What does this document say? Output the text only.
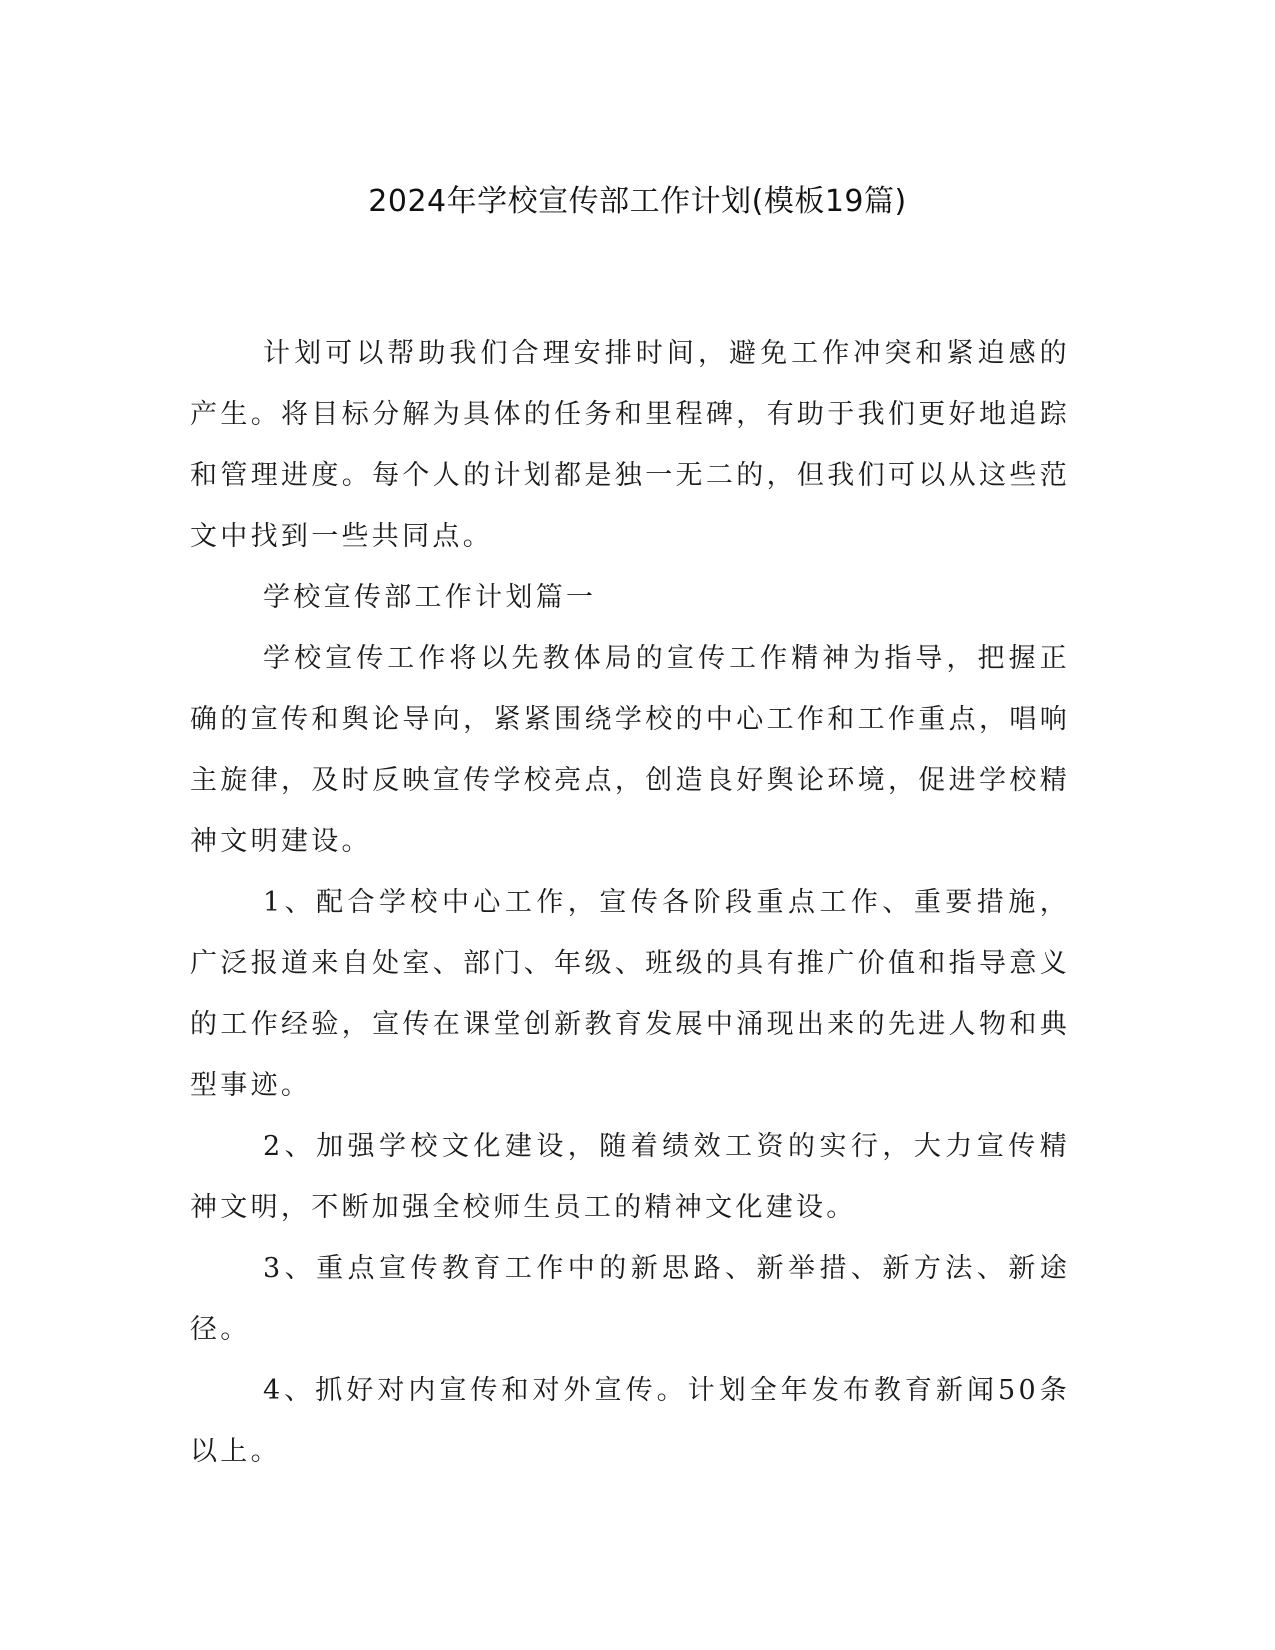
2024年学校宣传部工作计划(模板19篇)

计划可以帮助我们合理安排时间，避免工作冲突和紧迫感的产生。将目标分解为具体的任务和里程碑，有助于我们更好地追踪和管理进度。每个人的计划都是独一无二的，但我们可以从这些范文中找到一些共同点。

学校宣传部工作计划篇一

学校宣传工作将以先教体局的宣传工作精神为指导，把握正确的宣传和舆论导向，紧紧围绕学校的中心工作和工作重点，唱响主旋律，及时反映宣传学校亮点，创造良好舆论环境，促进学校精神文明建设。

1、配合学校中心工作，宣传各阶段重点工作、重要措施，广泛报道来自处室、部门、年级、班级的具有推广价值和指导意义的工作经验，宣传在课堂创新教育发展中涌现出来的先进人物和典型事迹。

2、加强学校文化建设，随着绩效工资的实行，大力宣传精神文明，不断加强全校师生员工的精神文化建设。

3、重点宣传教育工作中的新思路、新举措、新方法、新途径。

4、抓好对内宣传和对外宣传。计划全年发布教育新闻50条以上。
